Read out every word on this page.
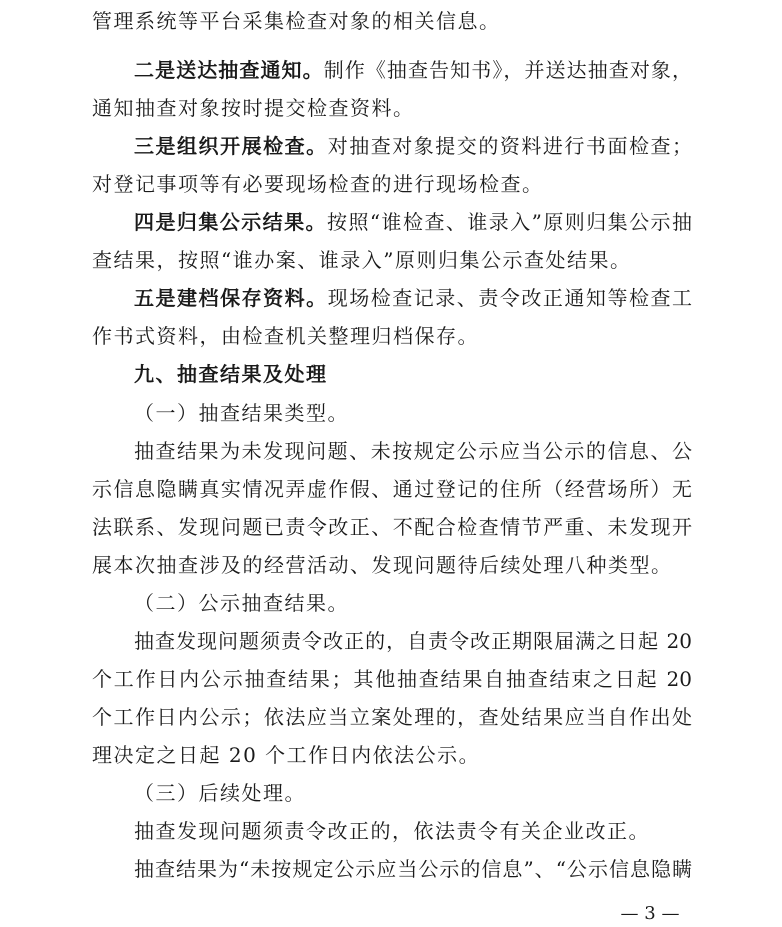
管理系统等平台采集检查对象的相关信息。
二是送达抽查通知。制作《抽查告知书》，并送达抽查对象，
通知抽查对象按时提交检查资料。
三是组织开展检查。对抽查对象提交的资料进行书面检查；
对登记事项等有必要现场检查的进行现场检查。
四是归集公示结果。按照“谁检查、谁录入”原则归集公示抽
查结果，按照“谁办案、谁录入”原则归集公示查处结果。
五是建档保存资料。现场检查记录、责令改正通知等检查工
作书式资料，由检查机关整理归档保存。
九、抽查结果及处理
（一）抽查结果类型。
抽查结果为未发现问题、未按规定公示应当公示的信息、公
示信息隐瞒真实情况弄虚作假、通过登记的住所（经营场所）无
法联系、发现问题已责令改正、不配合检查情节严重、未发现开
展本次抽查涉及的经营活动、发现问题待后续处理八种类型。
（二）公示抽查结果。
抽查发现问题须责令改正的，自责令改正期限届满之日起 20
个工作日内公示抽查结果；其他抽查结果自抽查结束之日起 20
个工作日内公示；依法应当立案处理的，查处结果应当自作出处
理决定之日起 20 个工作日内依法公示。
（三）后续处理。
抽查发现问题须责令改正的，依法责令有关企业改正。
抽查结果为“未按规定公示应当公示的信息”、“公示信息隐瞒
— 3 —
